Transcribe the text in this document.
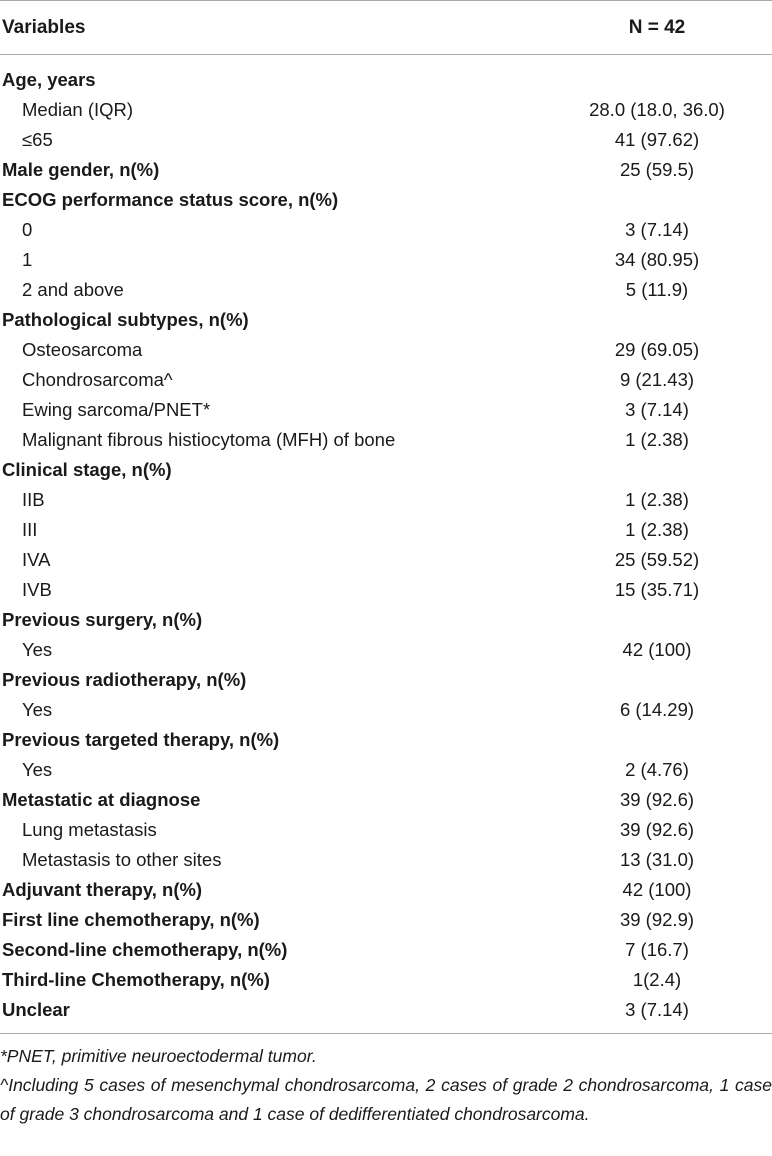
Variables	N = 42
Age, years
Median (IQR)	28.0 (18.0, 36.0)
≤65	41 (97.62)
Male gender, n(%)	25 (59.5)
ECOG performance status score, n(%)
0	3 (7.14)
1	34 (80.95)
2 and above	5 (11.9)
Pathological subtypes, n(%)
Osteosarcoma	29 (69.05)
Chondrosarcoma^	9 (21.43)
Ewing sarcoma/PNET*	3 (7.14)
Malignant fibrous histiocytoma (MFH) of bone	1 (2.38)
Clinical stage, n(%)
IIB	1 (2.38)
III	1 (2.38)
IVA	25 (59.52)
IVB	15 (35.71)
Previous surgery, n(%)
Yes	42 (100)
Previous radiotherapy, n(%)
Yes	6 (14.29)
Previous targeted therapy, n(%)
Yes	2 (4.76)
Metastatic at diagnose	39 (92.6)
Lung metastasis	39 (92.6)
Metastasis to other sites	13 (31.0)
Adjuvant therapy, n(%)	42 (100)
First line chemotherapy, n(%)	39 (92.9)
Second-line chemotherapy, n(%)	7 (16.7)
Third-line Chemotherapy, n(%)	1(2.4)
Unclear	3 (7.14)

*PNET, primitive neuroectodermal tumor.

^Including 5 cases of mesenchymal chondrosarcoma, 2 cases of grade 2 chondrosarcoma, 1 case of grade 3 chondrosarcoma and 1 case of dedifferentiated chondrosarcoma.
